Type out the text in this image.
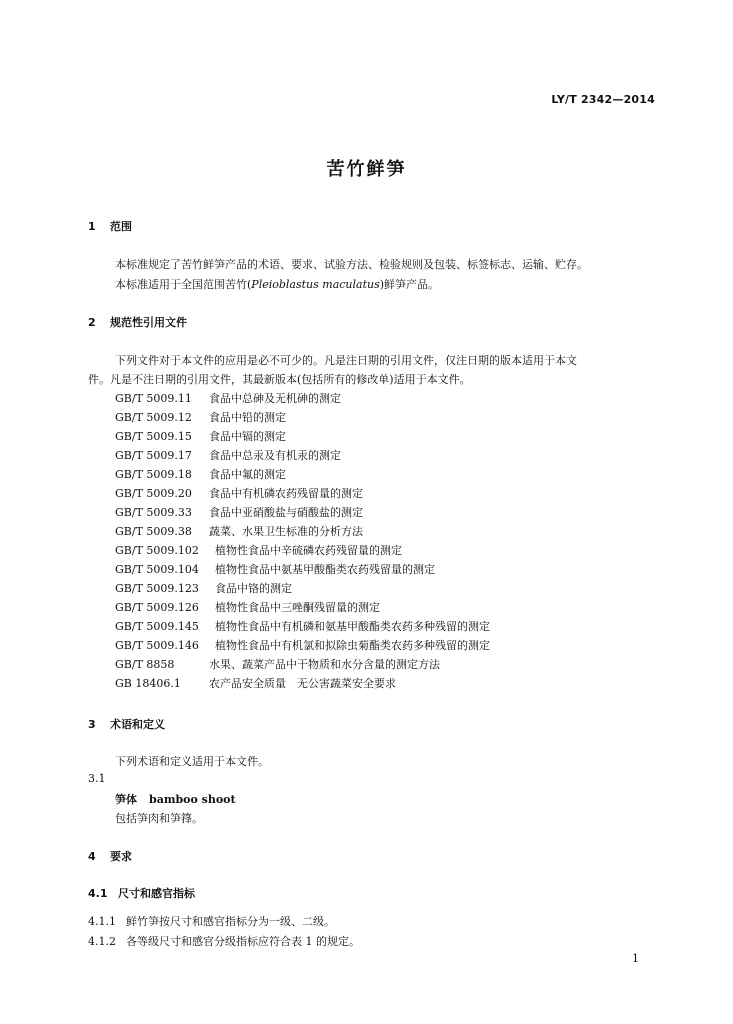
LY/T 2342—2014
苦竹鲜笋
1 范围
本标准规定了苦竹鲜笋产品的术语、要求、试验方法、检验规则及包装、标签标志、运输、贮存。
本标准适用于全国范围苦竹(Pleioblastus maculatus)鲜笋产品。
2 规范性引用文件
下列文件对于本文件的应用是必不可少的。凡是注日期的引用文件，仅注日期的版本适用于本文
件。凡是不注日期的引用文件，其最新版本(包括所有的修改单)适用于本文件。
GB/T 5009.11 食品中总砷及无机砷的测定
GB/T 5009.12 食品中铅的测定
GB/T 5009.15 食品中镉的测定
GB/T 5009.17 食品中总汞及有机汞的测定
GB/T 5009.18 食品中氟的测定
GB/T 5009.20 食品中有机磷农药残留量的测定
GB/T 5009.33 食品中亚硝酸盐与硝酸盐的测定
GB/T 5009.38 蔬菜、水果卫生标准的分析方法
GB/T 5009.102 植物性食品中辛硫磷农药残留量的测定
GB/T 5009.104 植物性食品中氨基甲酸酯类农药残留量的测定
GB/T 5009.123 食品中铬的测定
GB/T 5009.126 植物性食品中三唑酮残留量的测定
GB/T 5009.145 植物性食品中有机磷和氨基甲酸酯类农药多种残留的测定
GB/T 5009.146 植物性食品中有机氯和拟除虫菊酯类农药多种残留的测定
GB/T 8858	水果、蔬菜产品中干物质和水分含量的测定方法
GB 18406.1	农产品安全质量　无公害蔬菜安全要求
3 术语和定义
下列术语和定义适用于本文件。
3.1
笋体 bamboo shoot
包括笋肉和笋箨。
4 要求
4.1 尺寸和感官指标
4.1.1 鲜竹笋按尺寸和感官指标分为一级、二级。
4.1.2 各等级尺寸和感官分级指标应符合表 1 的规定。
1
